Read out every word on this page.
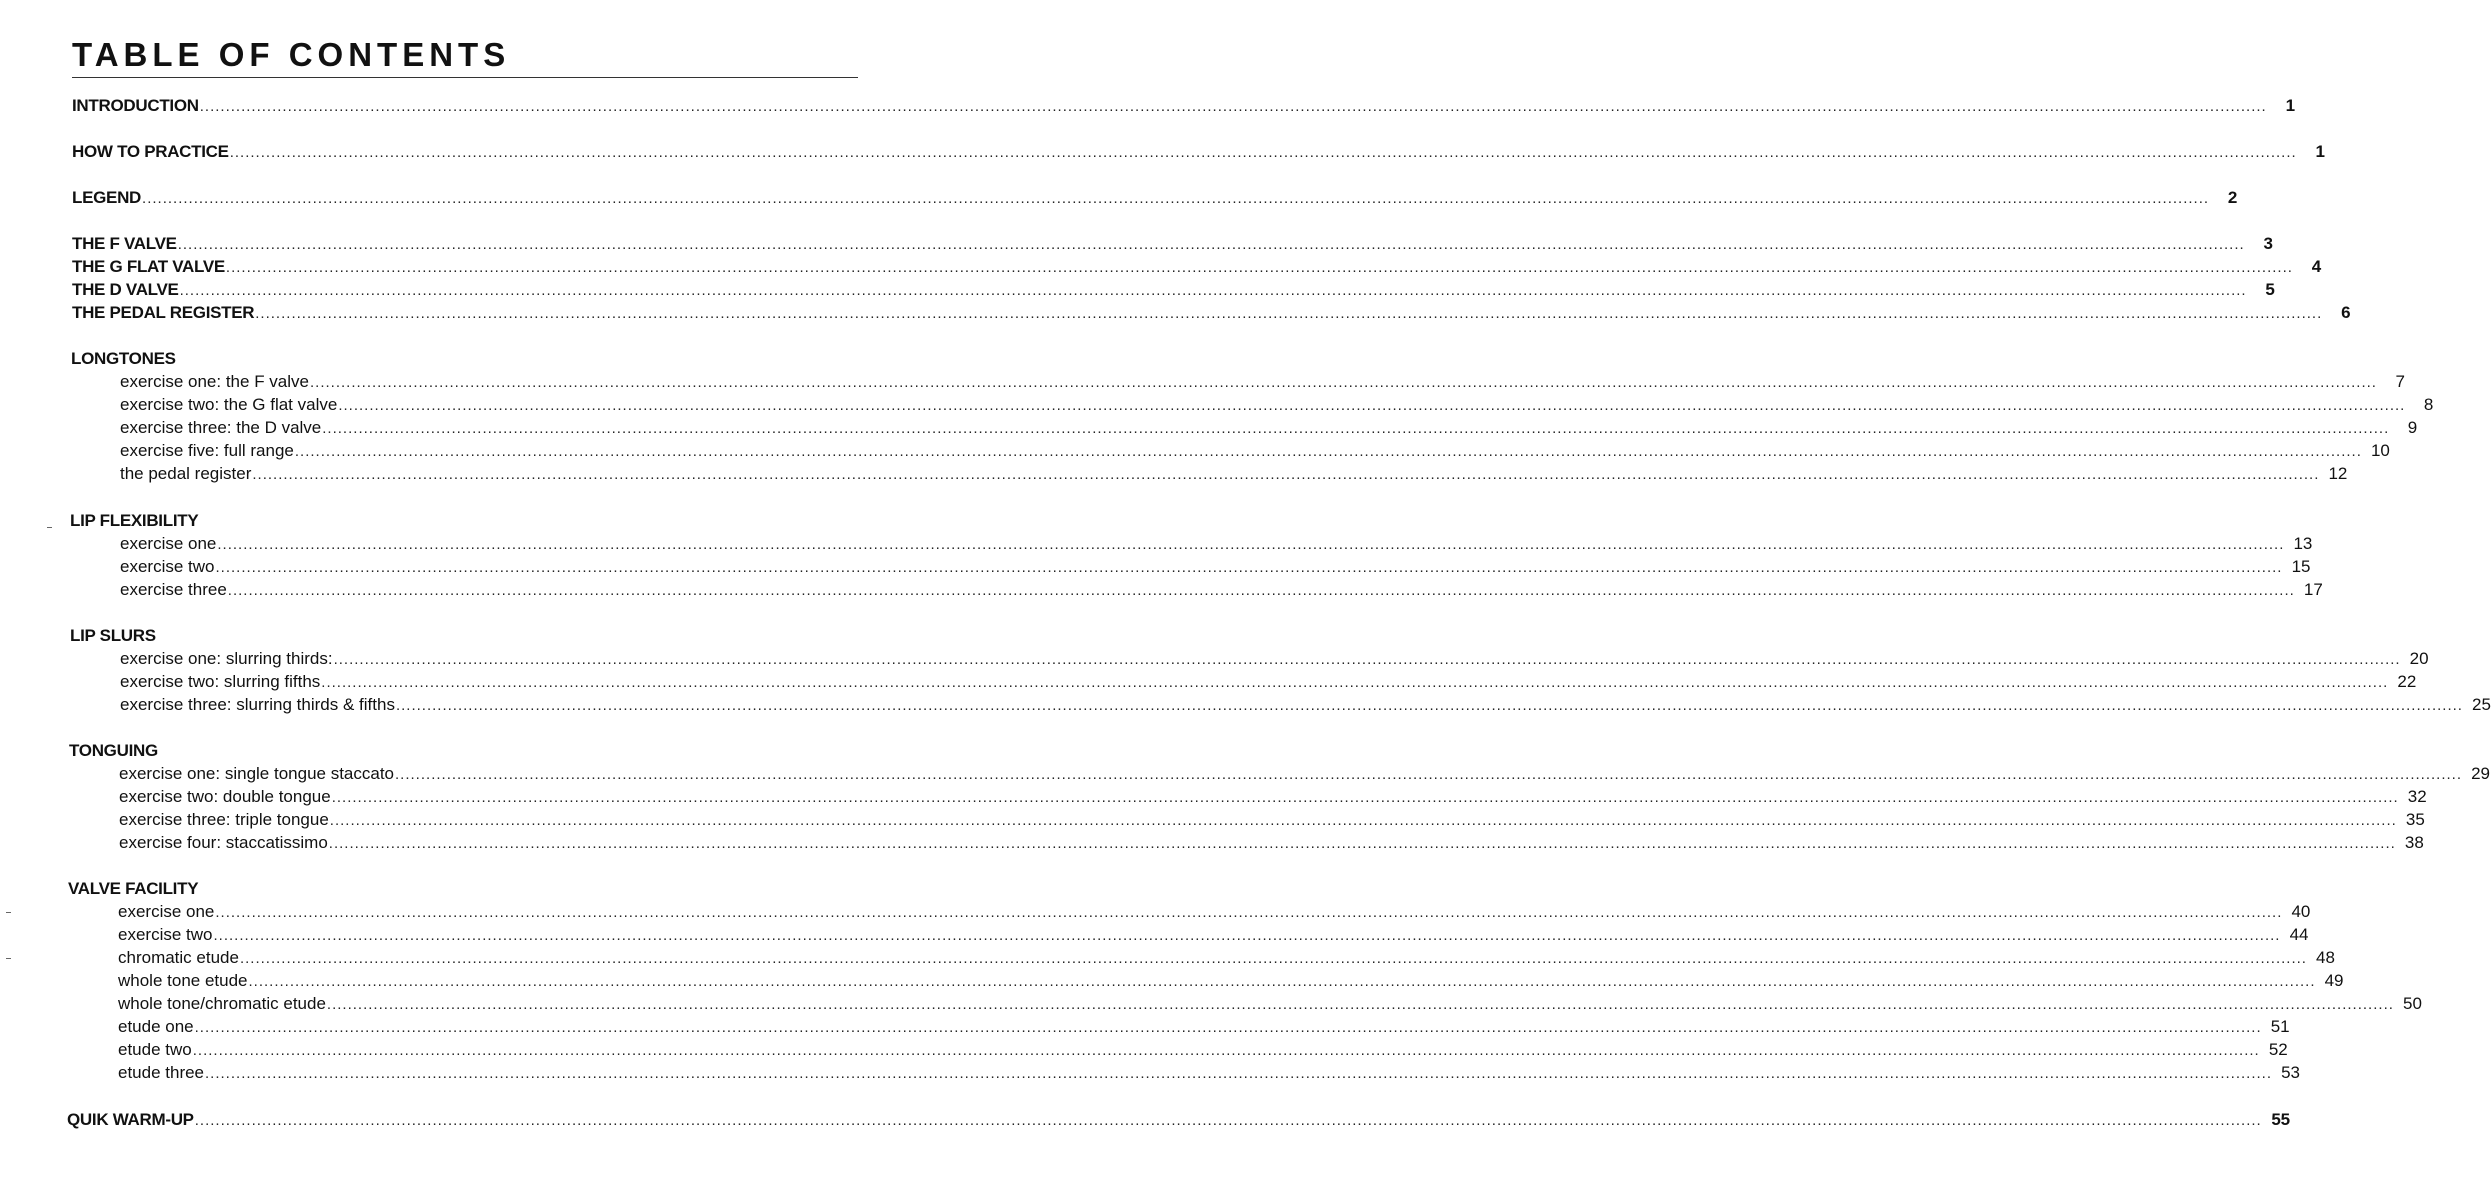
TABLE OF CONTENTS
INTRODUCTION ................................................................................................................................................................................................................................................................................................................................................................................................................	1
HOW TO PRACTICE ................................................................................................................................................................................................................................................................................................................................................................................................................	1
LEGEND ................................................................................................................................................................................................................................................................................................................................................................................................................	2
THE F VALVE ................................................................................................................................................................................................................................................................................................................................................................................................................	3
THE G FLAT VALVE ................................................................................................................................................................................................................................................................................................................................................................................................................	4
THE D VALVE ................................................................................................................................................................................................................................................................................................................................................................................................................	5
THE PEDAL REGISTER ................................................................................................................................................................................................................................................................................................................................................................................................................	6
LONGTONES
exercise one: the F valve ................................................................................................................................................................................................................................................................................................................................................................................................................	7
exercise two: the G flat valve ................................................................................................................................................................................................................................................................................................................................................................................................................	8
exercise three: the D valve ................................................................................................................................................................................................................................................................................................................................................................................................................	9
exercise five: full range ................................................................................................................................................................................................................................................................................................................................................................................................................ 10
the pedal register ................................................................................................................................................................................................................................................................................................................................................................................................................ 12
LIP FLEXIBILITY
exercise one ................................................................................................................................................................................................................................................................................................................................................................................................................ 13
exercise two ................................................................................................................................................................................................................................................................................................................................................................................................................ 15
exercise three ................................................................................................................................................................................................................................................................................................................................................................................................................ 17
LIP SLURS
exercise one: slurring thirds: ................................................................................................................................................................................................................................................................................................................................................................................................................ 20
exercise two: slurring fifths ................................................................................................................................................................................................................................................................................................................................................................................................................ 22
exercise three: slurring thirds & fifths ................................................................................................................................................................................................................................................................................................................................................................................................................ 25
TONGUING
exercise one: single tongue staccato ................................................................................................................................................................................................................................................................................................................................................................................................................ 29
exercise two: double tongue ................................................................................................................................................................................................................................................................................................................................................................................................................ 32
exercise three: triple tongue ................................................................................................................................................................................................................................................................................................................................................................................................................ 35
exercise four: staccatissimo ................................................................................................................................................................................................................................................................................................................................................................................................................ 38
VALVE FACILITY
exercise one ................................................................................................................................................................................................................................................................................................................................................................................................................ 40
exercise two ................................................................................................................................................................................................................................................................................................................................................................................................................ 44
chromatic etude ................................................................................................................................................................................................................................................................................................................................................................................................................ 48
whole tone etude ................................................................................................................................................................................................................................................................................................................................................................................................................ 49
whole tone/chromatic etude ................................................................................................................................................................................................................................................................................................................................................................................................................ 50
etude one ................................................................................................................................................................................................................................................................................................................................................................................................................ 51
etude two ................................................................................................................................................................................................................................................................................................................................................................................................................ 52
etude three ................................................................................................................................................................................................................................................................................................................................................................................................................ 53
QUIK WARM-UP ................................................................................................................................................................................................................................................................................................................................................................................................................ 55
